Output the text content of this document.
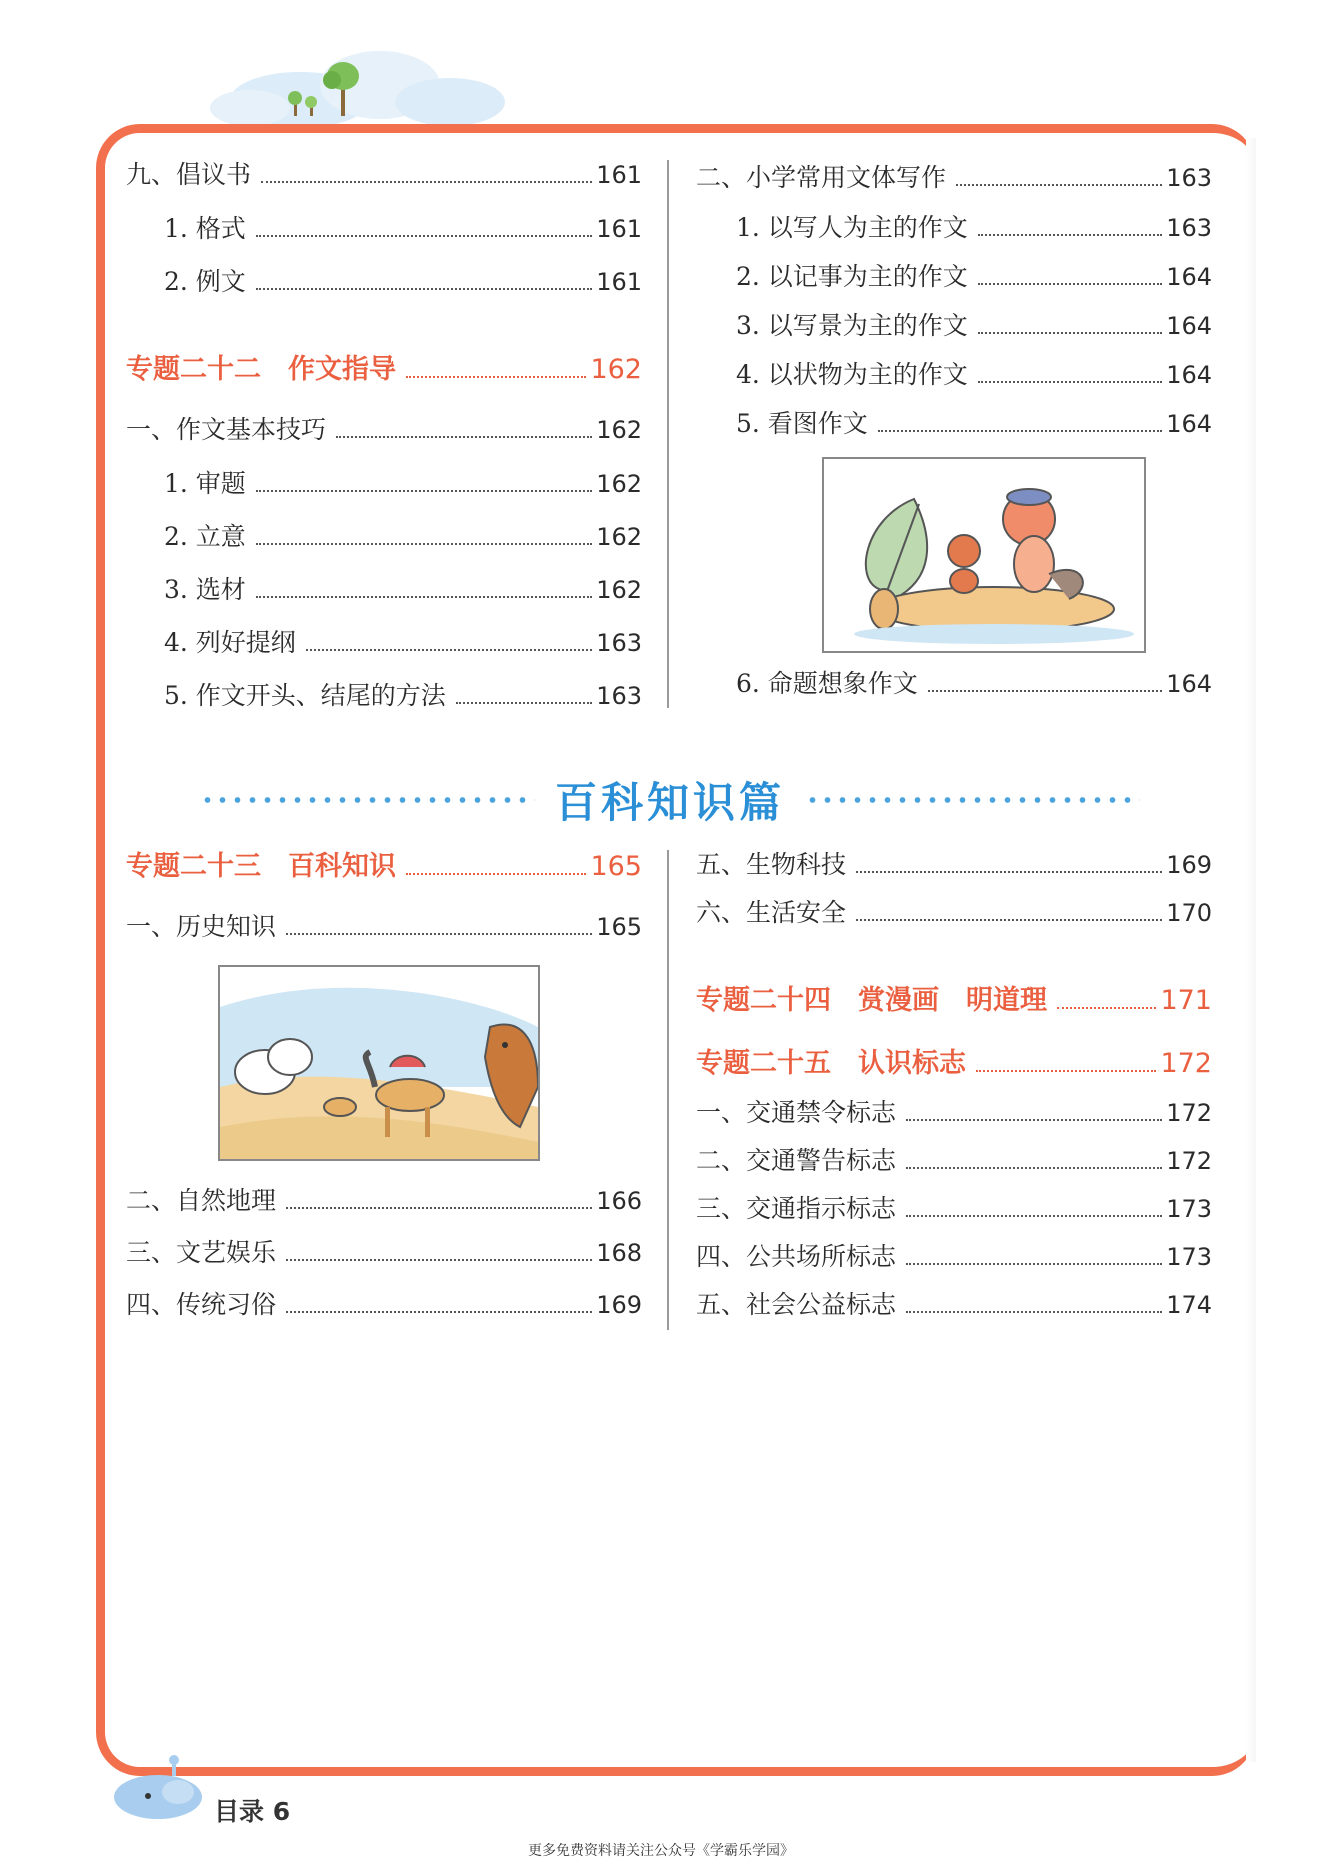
九、倡议书	161
1. 格式	161
2. 例文	161
专题二十二　作文指导	162
一、作文基本技巧	162
1. 审题	162
2. 立意	162
3. 选材	162
4. 列好提纲	163
5. 作文开头、结尾的方法	163
二、小学常用文体写作	163
1. 以写人为主的作文	163
2. 以记事为主的作文	164
3. 以写景为主的作文	164
4. 以状物为主的作文	164
5. 看图作文	164
6. 命题想象作文	164
百科知识篇
专题二十三　百科知识	165
一、历史知识	165
二、自然地理	166
三、文艺娱乐	168
四、传统习俗	169
五、生物科技	169
六、生活安全	170
专题二十四　赏漫画　明道理	171
专题二十五　认识标志	172
一、交通禁令标志	172
二、交通警告标志	172
三、交通指示标志	173
四、公共场所标志	173
五、社会公益标志	174
目录 6
更多免费资料请关注公众号《学霸乐学园》
